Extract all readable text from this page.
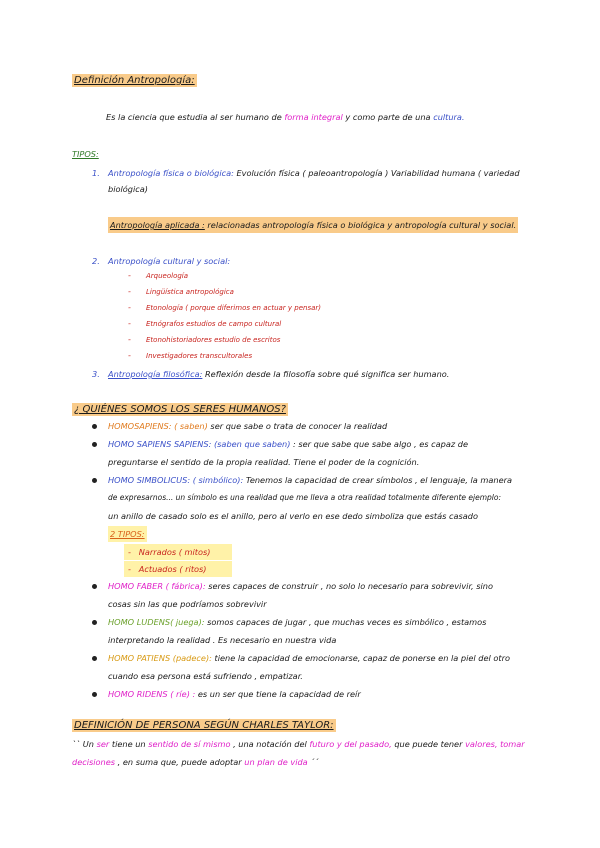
Definición Antropología:
Es la ciencia que estudia al ser humano de forma integral y como parte de una cultura.
TIPOS:
1. Antropología física o biológica: Evolución física ( paleoantropología ) Variabilidad humana ( variedad
biológica)
Antropología aplicada : relacionadas antropología física o biológica y antropología cultural y social.
2. Antropología cultural y social:
- Arqueología
- Lingüística antropológica
- Etonología ( porque diferimos en actuar y pensar)
- Etnógrafos estudios de campo cultural
- Etonohistoriadores estudio de escritos
- Investigadores transcultorales
3. Antropología filosófica: Reflexión desde la filosofía sobre qué significa ser humano.
¿ QUIÉNES SOMOS LOS SERES HUMANOS?
HOMOSAPIENS: ( saben) ser que sabe o trata de conocer la realidad
HOMO SAPIENS SAPIENS: (saben que saben) : ser que sabe que sabe algo , es capaz de
preguntarse el sentido de la propia realidad. Tiene el poder de la cognición.
HOMO SIMBOLICUS: ( simbólico): Tenemos la capacidad de crear símbolos , el lenguaje, la manera
de expresarnos... un símbolo es una realidad que me lleva a otra realidad totalmente diferente ejemplo:
un anillo de casado solo es el anillo, pero al verlo en ese dedo simboliza que estás casado
2 TIPOS:
- Narrados ( mitos)
- Actuados ( ritos)
HOMO FABER ( fábrica): seres capaces de construir , no solo lo necesario para sobrevivir, sino
cosas sin las que podríamos sobrevivir
HOMO LUDENS( juega): somos capaces de jugar , que muchas veces es simbólico , estamos
interpretando la realidad . Es necesario en nuestra vida
HOMO PATIENS (padece): tiene la capacidad de emocionarse, capaz de ponerse en la piel del otro
cuando esa persona está sufriendo , empatizar.
HOMO RIDENS ( ríe) : es un ser que tiene la capacidad de reír
DEFINICIÓN DE PERSONA SEGÚN CHARLES TAYLOR:
`` Un ser tiene un sentido de sí mismo , una notación del futuro y del pasado, que puede tener valores, tomar
decisiones , en suma que, puede adoptar un plan de vida ´´
